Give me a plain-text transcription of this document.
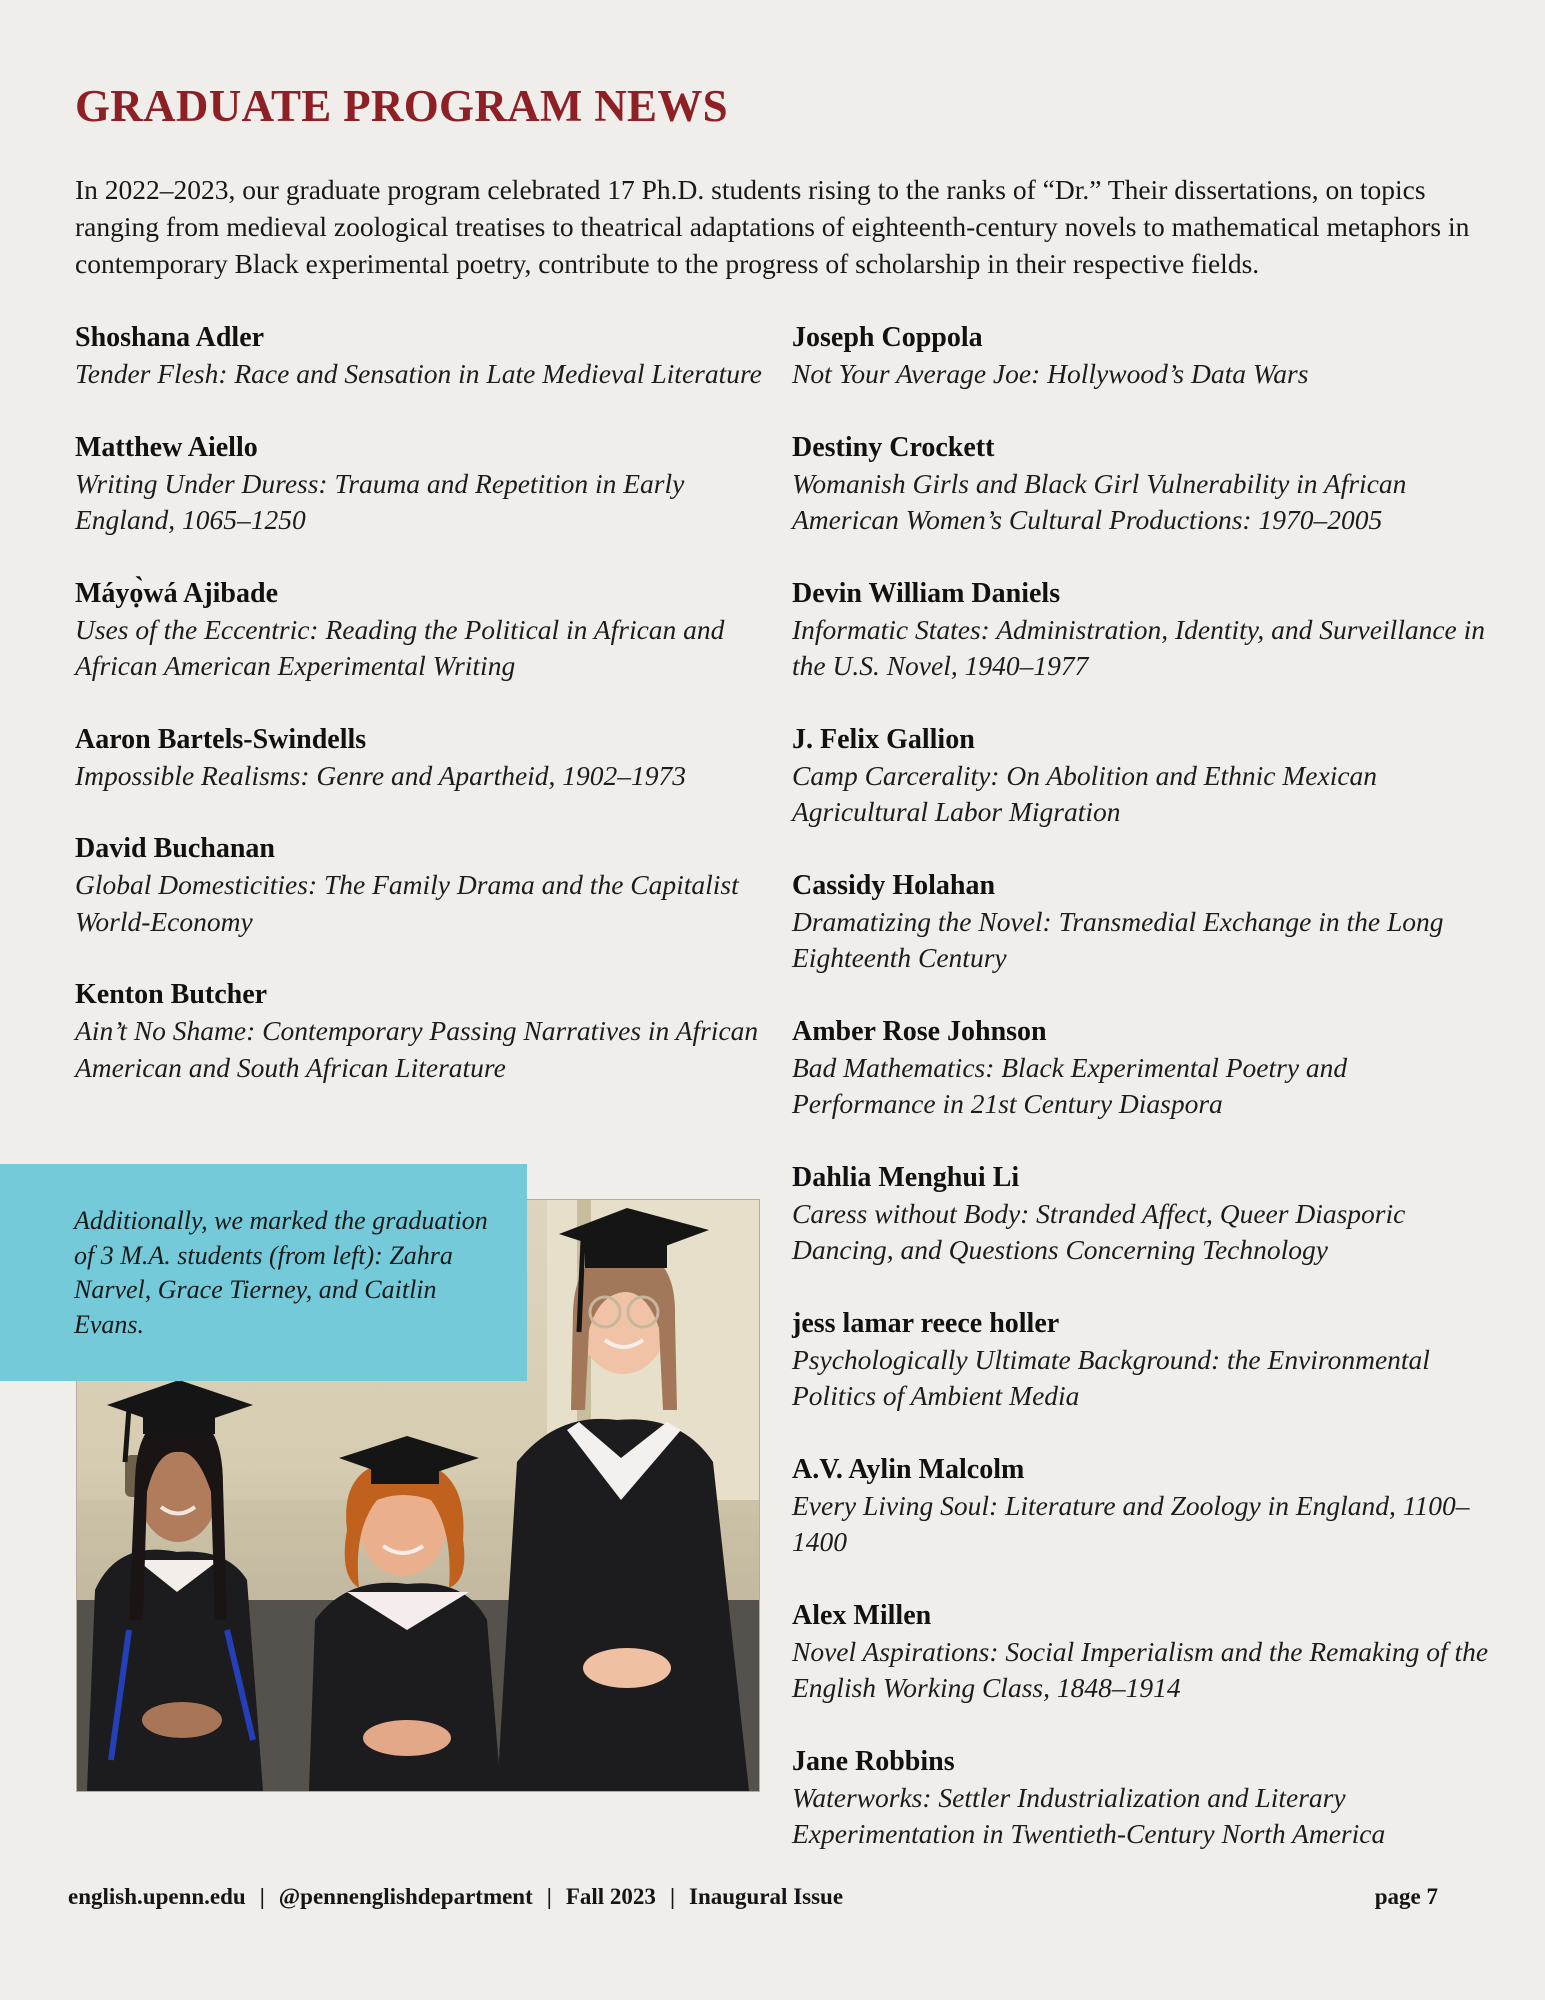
GRADUATE PROGRAM NEWS

In 2022–2023, our graduate program celebrated 17 Ph.D. students rising to the ranks of “Dr.” Their dissertations, on topics ranging from medieval zoological treatises to theatrical adaptations of eighteenth-century novels to mathematical metaphors in contemporary Black experimental poetry, contribute to the progress of scholarship in their respective fields.

Shoshana Adler
Tender Flesh: Race and Sensation in Late Medieval Literature
Matthew Aiello
Writing Under Duress: Trauma and Repetition in Early England, 1065–1250
Máyọ̀wá Ajibade
Uses of the Eccentric: Reading the Political in African and African American Experimental Writing
Aaron Bartels-Swindells
Impossible Realisms: Genre and Apartheid, 1902–1973
David Buchanan
Global Domesticities: The Family Drama and the Capitalist World-Economy
Kenton Butcher
Ain’t No Shame: Contemporary Passing Narratives in African American and South African Literature
Joseph Coppola
Not Your Average Joe: Hollywood’s Data Wars
Destiny Crockett
Womanish Girls and Black Girl Vulnerability in African American Women’s Cultural Productions: 1970–2005
Devin William Daniels
Informatic States: Administration, Identity, and Surveillance in the U.S. Novel, 1940–1977
J. Felix Gallion
Camp Carcerality: On Abolition and Ethnic Mexican Agricultural Labor Migration
Cassidy Holahan
Dramatizing the Novel: Transmedial Exchange in the Long Eighteenth Century
Amber Rose Johnson
Bad Mathematics: Black Experimental Poetry and Performance in 21st Century Diaspora
Dahlia Menghui Li
Caress without Body: Stranded Affect, Queer Diasporic Dancing, and Questions Concerning Technology
jess lamar reece holler
Psychologically Ultimate Background: the Environmental Politics of Ambient Media
A.V. Aylin Malcolm
Every Living Soul: Literature and Zoology in England, 1100–1400
Alex Millen
Novel Aspirations: Social Imperialism and the Remaking of the English Working Class, 1848–1914
Jane Robbins
Waterworks: Settler Industrialization and Literary Experimentation in Twentieth-Century North America

Additionally, we marked the graduation of 3 M.A. students (from left): Zahra Narvel, Grace Tierney, and Caitlin Evans.

english.upenn.edu | @pennenglishdepartment | Fall 2023 | Inaugural Issue	page 7
